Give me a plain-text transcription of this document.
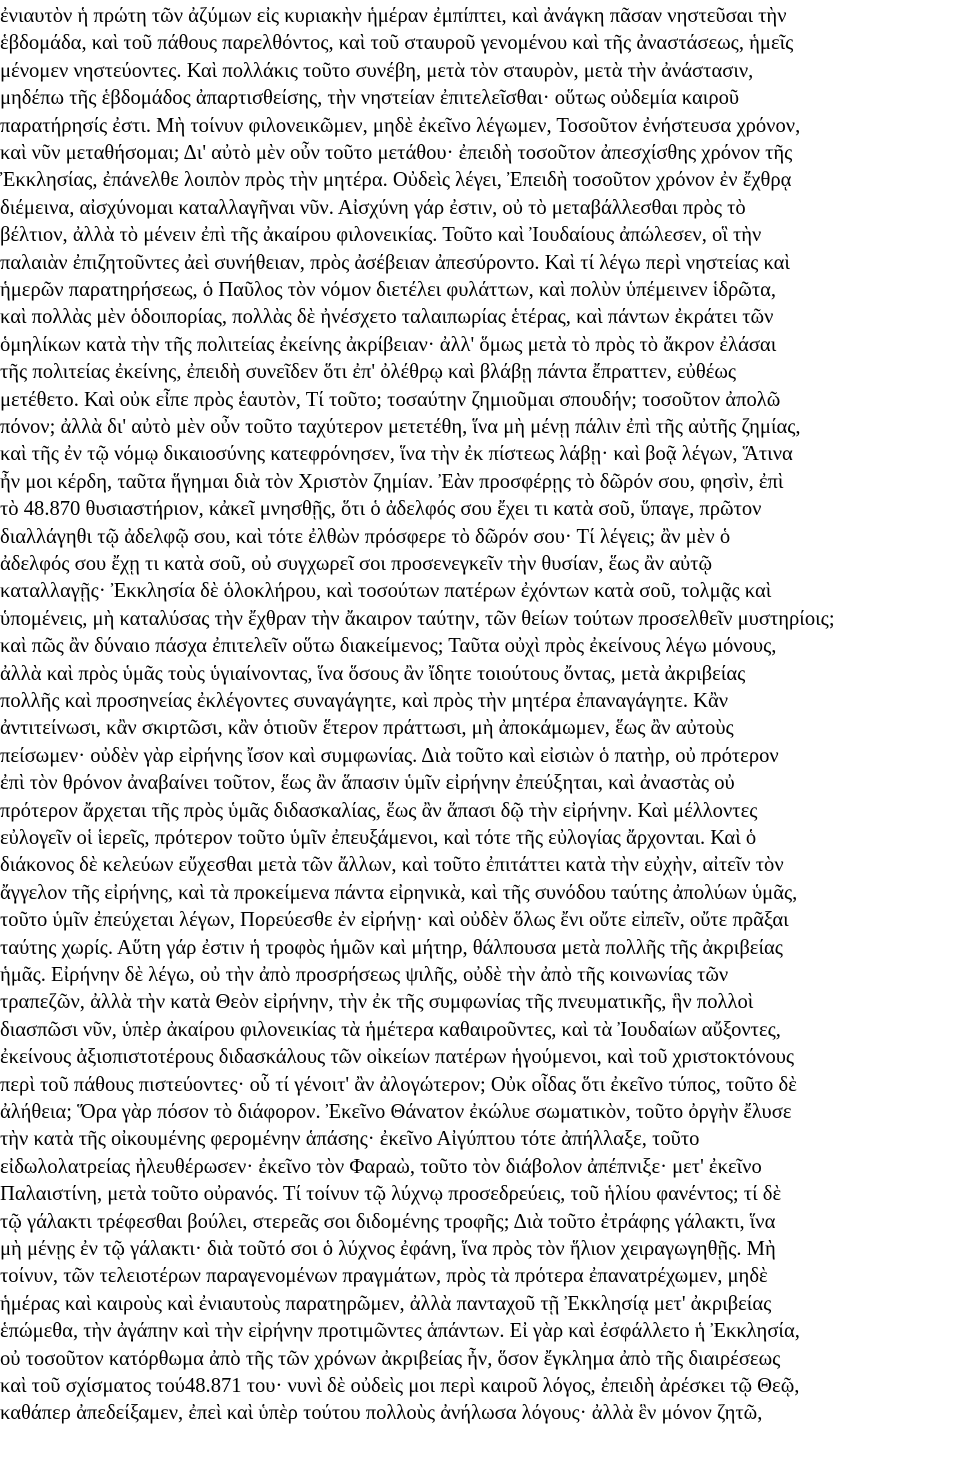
ἐνιαυτὸν ἡ πρώτη τῶν ἀζύμων εἰς κυριακὴν ἡμέραν ἐμπίπτει, καὶ ἀνάγκη πᾶσαν νηστεῦσαι τὴν

ἑβδομάδα, καὶ τοῦ πάθους παρελθόντος, καὶ τοῦ σταυροῦ γενομένου καὶ τῆς ἀναστάσεως, ἡμεῖς

μένομεν νηστεύοντες. Καὶ πολλάκις τοῦτο συνέβη, μετὰ τὸν σταυρὸν, μετὰ τὴν ἀνάστασιν,

μηδέπω τῆς ἑβδομάδος ἀπαρτισθείσης, τὴν νηστείαν ἐπιτελεῖσθαι· οὕτως οὐδεμία καιροῦ

παρατήρησίς ἐστι. Μὴ τοίνυν φιλονεικῶμεν, μηδὲ ἐκεῖνο λέγωμεν, Τοσοῦτον ἐνήστευσα χρόνον,

καὶ νῦν μεταθήσομαι; Δι' αὐτὸ μὲν οὖν τοῦτο μετάθου· ἐπειδὴ τοσοῦτον ἀπεσχίσθης χρόνον τῆς

Ἐκκλησίας, ἐπάνελθε λοιπὸν πρὸς τὴν μητέρα. Οὐδεὶς λέγει, Ἐπειδὴ τοσοῦτον χρόνον ἐν ἔχθρᾳ

διέμεινα, αἰσχύνομαι καταλλαγῆναι νῦν. Αἰσχύνη γάρ ἐστιν, οὐ τὸ μεταβάλλεσθαι πρὸς τὸ

βέλτιον, ἀλλὰ τὸ μένειν ἐπὶ τῆς ἀκαίρου φιλονεικίας. Τοῦτο καὶ Ἰουδαίους ἀπώλεσεν, οἳ τὴν

παλαιὰν ἐπιζητοῦντες ἀεὶ συνήθειαν, πρὸς ἀσέβειαν ἀπεσύροντο. Καὶ τί λέγω περὶ νηστείας καὶ

ἡμερῶν παρατηρήσεως, ὁ Παῦλος τὸν νόμον διετέλει φυλάττων, καὶ πολὺν ὑπέμεινεν ἱδρῶτα,

καὶ πολλὰς μὲν ὁδοιπορίας, πολλὰς δὲ ἠνέσχετο ταλαιπωρίας ἑτέρας, καὶ πάντων ἐκράτει τῶν

ὁμηλίκων κατὰ τὴν τῆς πολιτείας ἐκείνης ἀκρίβειαν· ἀλλ' ὅμως μετὰ τὸ πρὸς τὸ ἄκρον ἐλάσαι

τῆς πολιτείας ἐκείνης, ἐπειδὴ συνεῖδεν ὅτι ἐπ' ὀλέθρῳ καὶ βλάβῃ πάντα ἔπραττεν, εὐθέως

μετέθετο. Καὶ οὐκ εἶπε πρὸς ἑαυτὸν, Τί τοῦτο; τοσαύτην ζημιοῦμαι σπουδήν; τοσοῦτον ἀπολῶ

πόνον; ἀλλὰ δι' αὐτὸ μὲν οὖν τοῦτο ταχύτερον μετετέθη, ἵνα μὴ μένῃ πάλιν ἐπὶ τῆς αὐτῆς ζημίας,

καὶ τῆς ἐν τῷ νόμῳ δικαιοσύνης κατεφρόνησεν, ἵνα τὴν ἐκ πίστεως λάβῃ· καὶ βοᾷ λέγων, Ἅτινα

ἦν μοι κέρδη, ταῦτα ἥγημαι διὰ τὸν Χριστὸν ζημίαν. Ἐὰν προσφέρῃς τὸ δῶρόν σου, φησὶν, ἐπὶ

τὸ 48.870 θυσιαστήριον, κἀκεῖ μνησθῇς, ὅτι ὁ ἀδελφός σου ἔχει τι κατὰ σοῦ, ὕπαγε, πρῶτον

διαλλάγηθι τῷ ἀδελφῷ σου, καὶ τότε ἐλθὼν πρόσφερε τὸ δῶρόν σου· Τί λέγεις; ἂν μὲν ὁ

ἀδελφός σου ἔχῃ τι κατὰ σοῦ, οὐ συγχωρεῖ σοι προσενεγκεῖν τὴν θυσίαν, ἕως ἂν αὐτῷ

καταλλαγῇς· Ἐκκλησία δὲ ὁλοκλήρου, καὶ τοσούτων πατέρων ἐχόντων κατὰ σοῦ, τολμᾷς καὶ

ὑπομένεις, μὴ καταλύσας τὴν ἔχθραν τὴν ἄκαιρον ταύτην, τῶν θείων τούτων προσελθεῖν μυστηρίοις;

καὶ πῶς ἂν δύναιο πάσχα ἐπιτελεῖν οὕτω διακείμενος; Ταῦτα οὐχὶ πρὸς ἐκείνους λέγω μόνους,

ἀλλὰ καὶ πρὸς ὑμᾶς τοὺς ὑγιαίνοντας, ἵνα ὅσους ἂν ἴδητε τοιούτους ὄντας, μετὰ ἀκριβείας

πολλῆς καὶ προσηνείας ἐκλέγοντες συναγάγητε, καὶ πρὸς τὴν μητέρα ἐπαναγάγητε. Κἂν

ἀντιτείνωσι, κἂν σκιρτῶσι, κἂν ὁτιοῦν ἕτερον πράττωσι, μὴ ἀποκάμωμεν, ἕως ἂν αὐτοὺς

πείσωμεν· οὐδὲν γὰρ εἰρήνης ἴσον καὶ συμφωνίας. Διὰ τοῦτο καὶ εἰσιὼν ὁ πατὴρ, οὐ πρότερον

ἐπὶ τὸν θρόνον ἀναβαίνει τοῦτον, ἕως ἂν ἅπασιν ὑμῖν εἰρήνην ἐπεύξηται, καὶ ἀναστὰς οὐ

πρότερον ἄρχεται τῆς πρὸς ὑμᾶς διδασκαλίας, ἕως ἂν ἅπασι δῷ τὴν εἰρήνην. Καὶ μέλλοντες

εὐλογεῖν οἱ ἱερεῖς, πρότερον τοῦτο ὑμῖν ἐπευξάμενοι, καὶ τότε τῆς εὐλογίας ἄρχονται. Καὶ ὁ

διάκονος δὲ κελεύων εὔχεσθαι μετὰ τῶν ἄλλων, καὶ τοῦτο ἐπιτάττει κατὰ τὴν εὐχὴν, αἰτεῖν τὸν

ἄγγελον τῆς εἰρήνης, καὶ τὰ προκείμενα πάντα εἰρηνικὰ, καὶ τῆς συνόδου ταύτης ἀπολύων ὑμᾶς,

τοῦτο ὑμῖν ἐπεύχεται λέγων, Πορεύεσθε ἐν εἰρήνῃ· καὶ οὐδὲν ὅλως ἔνι οὔτε εἰπεῖν, οὔτε πρᾶξαι

ταύτης χωρίς. Αὕτη γάρ ἐστιν ἡ τροφὸς ἡμῶν καὶ μήτηρ, θάλπουσα μετὰ πολλῆς τῆς ἀκριβείας

ἡμᾶς. Εἰρήνην δὲ λέγω, οὐ τὴν ἀπὸ προσρήσεως ψιλῆς, οὐδὲ τὴν ἀπὸ τῆς κοινωνίας τῶν

τραπεζῶν, ἀλλὰ τὴν κατὰ Θεὸν εἰρήνην, τὴν ἐκ τῆς συμφωνίας τῆς πνευματικῆς, ἣν πολλοὶ

διασπῶσι νῦν, ὑπὲρ ἀκαίρου φιλονεικίας τὰ ἡμέτερα καθαιροῦντες, καὶ τὰ Ἰουδαίων αὔξοντες,

ἐκείνους ἀξιοπιστοτέρους διδασκάλους τῶν οἰκείων πατέρων ἡγούμενοι, καὶ τοῦ χριστοκτόνους

περὶ τοῦ πάθους πιστεύοντες· οὗ τί γένοιτ' ἂν ἀλογώτερον; Οὐκ οἶδας ὅτι ἐκεῖνο τύπος, τοῦτο δὲ

ἀλήθεια; Ὅρα γὰρ πόσον τὸ διάφορον. Ἐκεῖνο Θάνατον ἐκώλυε σωματικὸν, τοῦτο ὀργὴν ἔλυσε

τὴν κατὰ τῆς οἰκουμένης φερομένην ἁπάσης· ἐκεῖνο Αἰγύπτου τότε ἀπήλλαξε, τοῦτο

εἰδωλολατρείας ἠλευθέρωσεν· ἐκεῖνο τὸν Φαραὼ, τοῦτο τὸν διάβολον ἀπέπνιξε· μετ' ἐκεῖνο

Παλαιστίνη, μετὰ τοῦτο οὐρανός. Τί τοίνυν τῷ λύχνῳ προσεδρεύεις, τοῦ ἡλίου φανέντος; τί δὲ

τῷ γάλακτι τρέφεσθαι βούλει, στερεᾶς σοι διδομένης τροφῆς; Διὰ τοῦτο ἐτράφης γάλακτι, ἵνα

μὴ μένῃς ἐν τῷ γάλακτι· διὰ τοῦτό σοι ὁ λύχνος ἐφάνη, ἵνα πρὸς τὸν ἥλιον χειραγωγηθῇς. Μὴ

τοίνυν, τῶν τελειοτέρων παραγενομένων πραγμάτων, πρὸς τὰ πρότερα ἐπανατρέχωμεν, μηδὲ

ἡμέρας καὶ καιροὺς καὶ ἐνιαυτοὺς παρατηρῶμεν, ἀλλὰ πανταχοῦ τῇ Ἐκκλησίᾳ μετ' ἀκριβείας

ἑπώμεθα, τὴν ἀγάπην καὶ τὴν εἰρήνην προτιμῶντες ἁπάντων. Εἰ γὰρ καὶ ἐσφάλλετο ἡ Ἐκκλησία,

οὐ τοσοῦτον κατόρθωμα ἀπὸ τῆς τῶν χρόνων ἀκριβείας ἦν, ὅσον ἔγκλημα ἀπὸ τῆς διαιρέσεως

καὶ τοῦ σχίσματος τού48.871 του· νυνὶ δὲ οὐδεὶς μοι περὶ καιροῦ λόγος, ἐπειδὴ ἀρέσκει τῷ Θεῷ,

καθάπερ ἀπεδείξαμεν, ἐπεὶ καὶ ὑπὲρ τούτου πολλοὺς ἀνήλωσα λόγους· ἀλλὰ ἓν μόνον ζητῶ,
